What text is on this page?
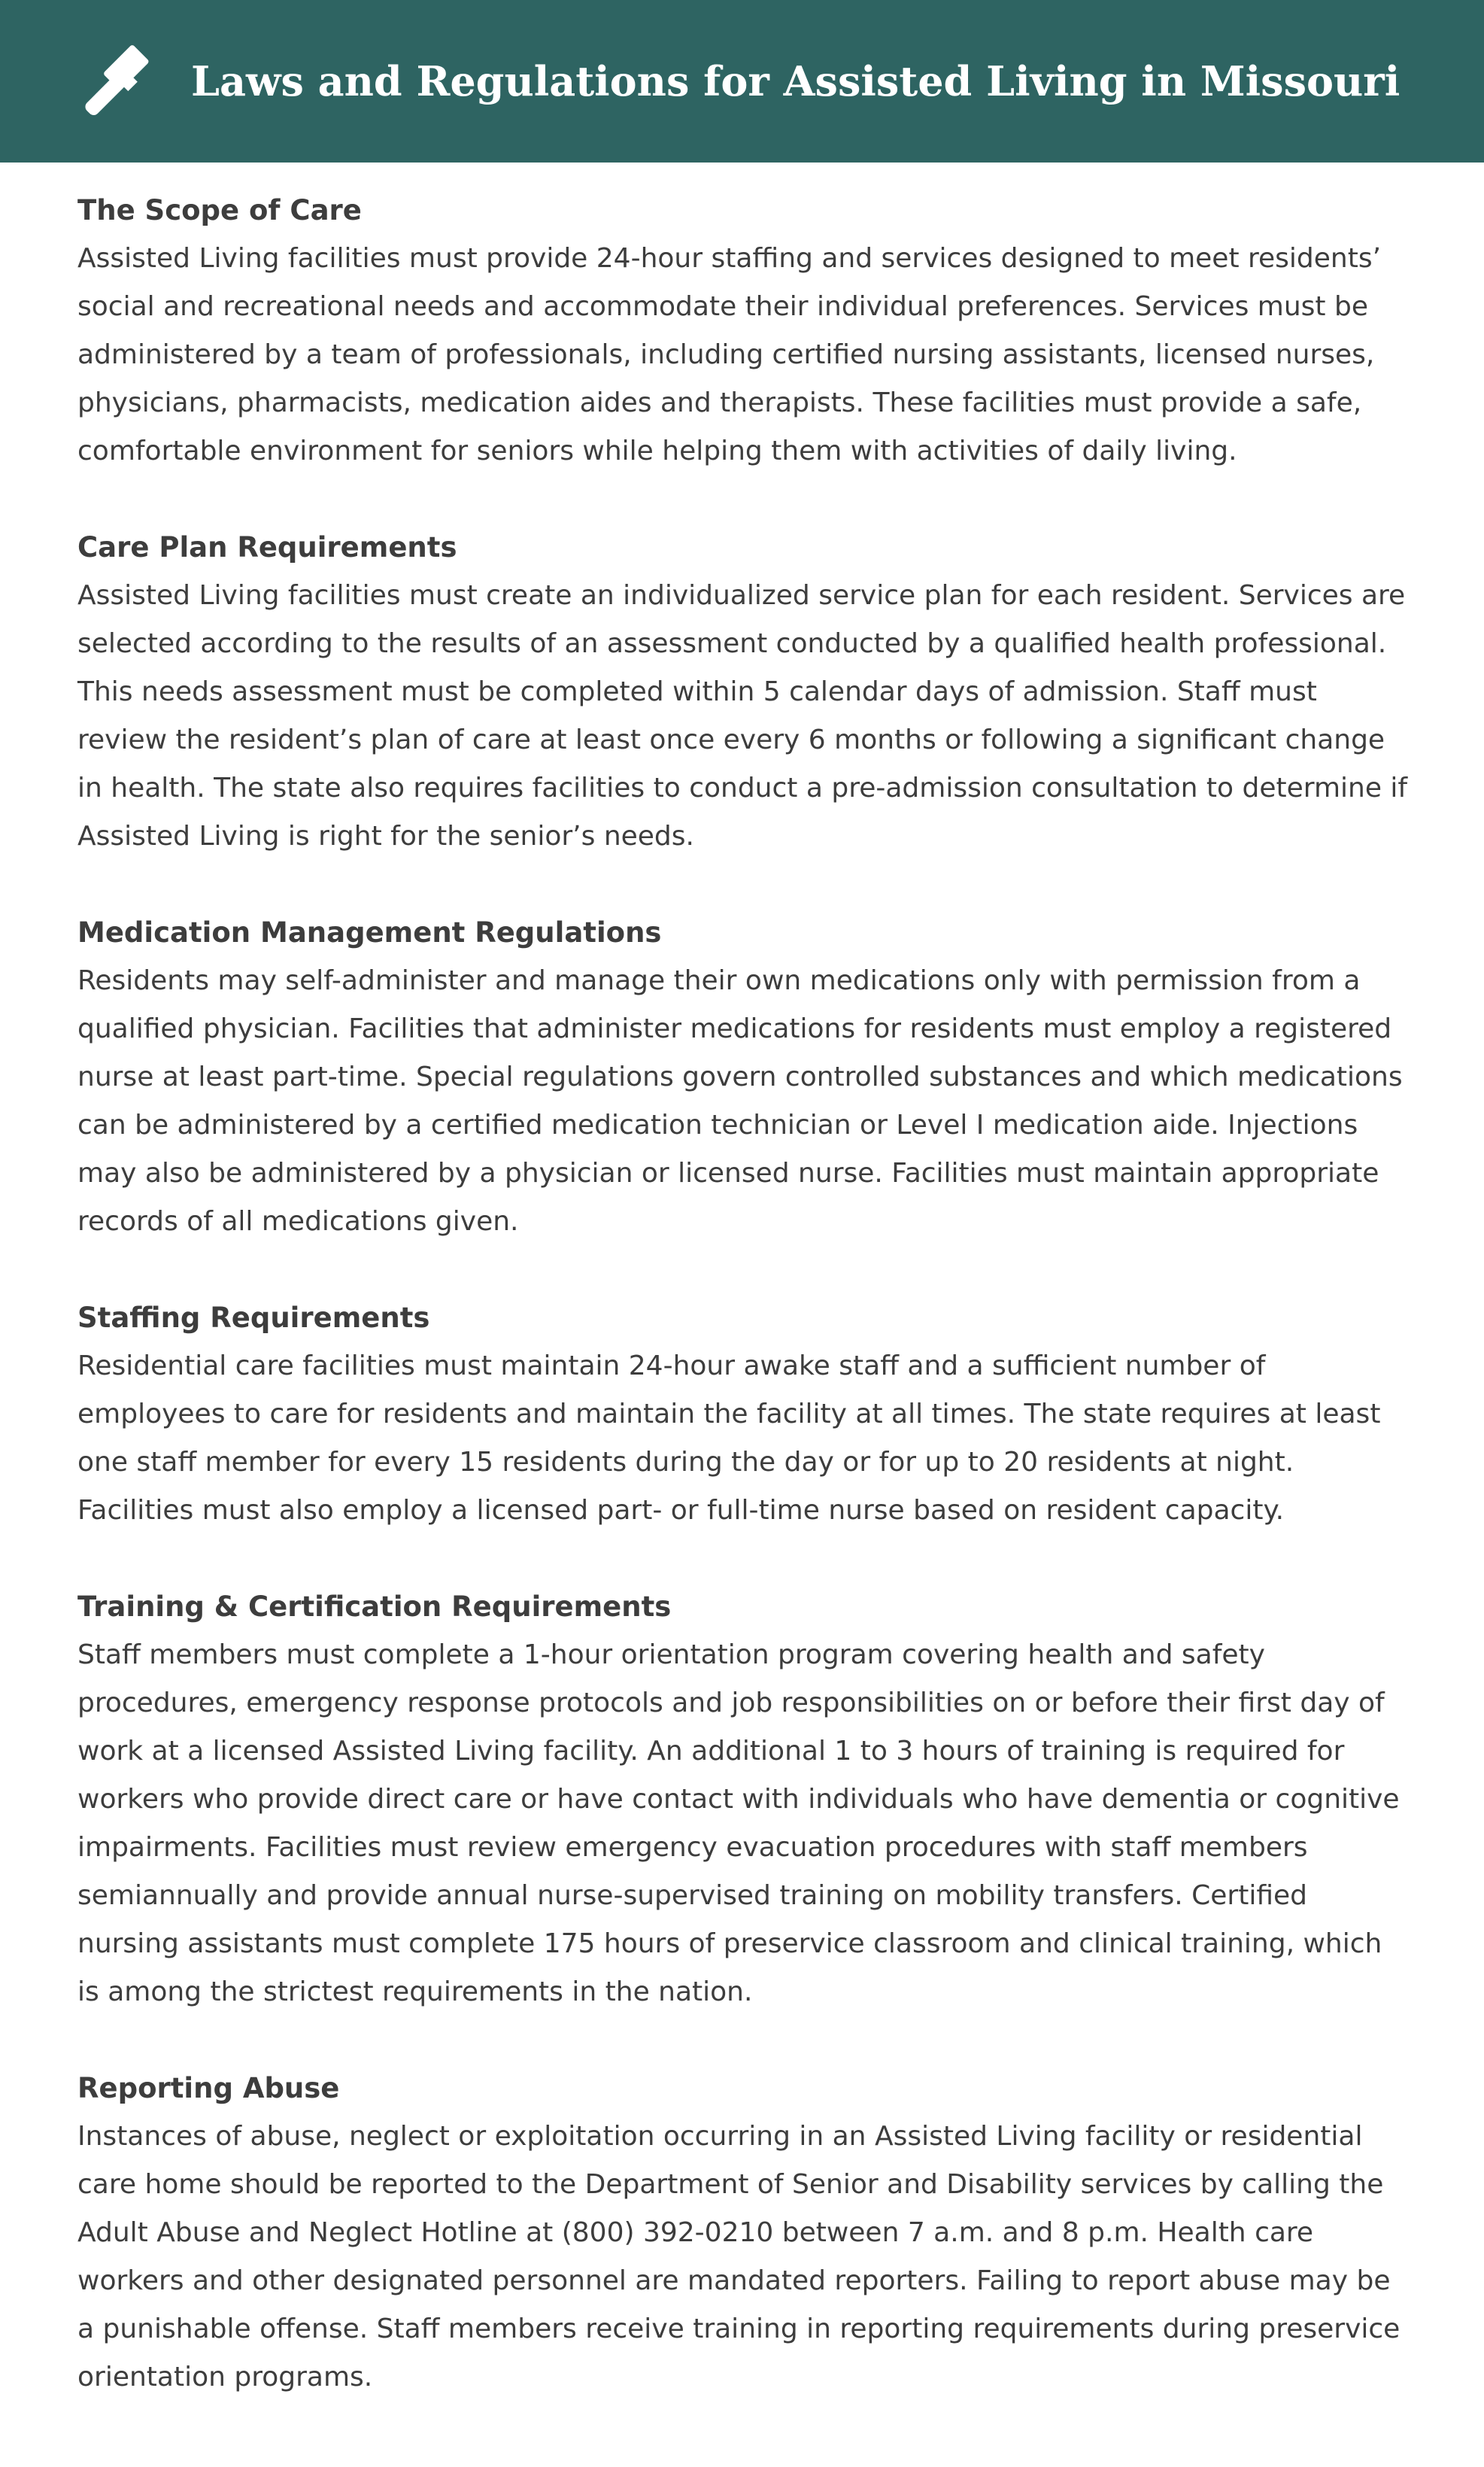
Laws and Regulations for Assisted Living in Missouri

The Scope of Care

Assisted Living facilities must provide 24-hour staffing and services designed to meet residents’ social and recreational needs and accommodate their individual preferences. Services must be administered by a team of professionals, including certified nursing assistants, licensed nurses, physicians, pharmacists, medication aides and therapists. These facilities must provide a safe, comfortable environment for seniors while helping them with activities of daily living.

Care Plan Requirements

Assisted Living facilities must create an individualized service plan for each resident. Services are selected according to the results of an assessment conducted by a qualified health professional. This needs assessment must be completed within 5 calendar days of admission. Staff must review the resident’s plan of care at least once every 6 months or following a significant change in health. The state also requires facilities to conduct a pre-admission consultation to determine if Assisted Living is right for the senior’s needs.

Medication Management Regulations

Residents may self-administer and manage their own medications only with permission from a qualified physician. Facilities that administer medications for residents must employ a registered nurse at least part-time. Special regulations govern controlled substances and which medications can be administered by a certified medication technician or Level I medication aide. Injections may also be administered by a physician or licensed nurse. Facilities must maintain appropriate records of all medications given.

Staffing Requirements

Residential care facilities must maintain 24-hour awake staff and a sufficient number of employees to care for residents and maintain the facility at all times. The state requires at least one staff member for every 15 residents during the day or for up to 20 residents at night. Facilities must also employ a licensed part- or full-time nurse based on resident capacity.

Training & Certification Requirements

Staff members must complete a 1-hour orientation program covering health and safety procedures, emergency response protocols and job responsibilities on or before their first day of work at a licensed Assisted Living facility. An additional 1 to 3 hours of training is required for workers who provide direct care or have contact with individuals who have dementia or cognitive impairments. Facilities must review emergency evacuation procedures with staff members semiannually and provide annual nurse-supervised training on mobility transfers. Certified nursing assistants must complete 175 hours of preservice classroom and clinical training, which is among the strictest requirements in the nation.

Reporting Abuse

Instances of abuse, neglect or exploitation occurring in an Assisted Living facility or residential care home should be reported to the Department of Senior and Disability services by calling the Adult Abuse and Neglect Hotline at (800) 392-0210 between 7 a.m. and 8 p.m. Health care workers and other designated personnel are mandated reporters. Failing to report abuse may be a punishable offense. Staff members receive training in reporting requirements during preservice orientation programs.
